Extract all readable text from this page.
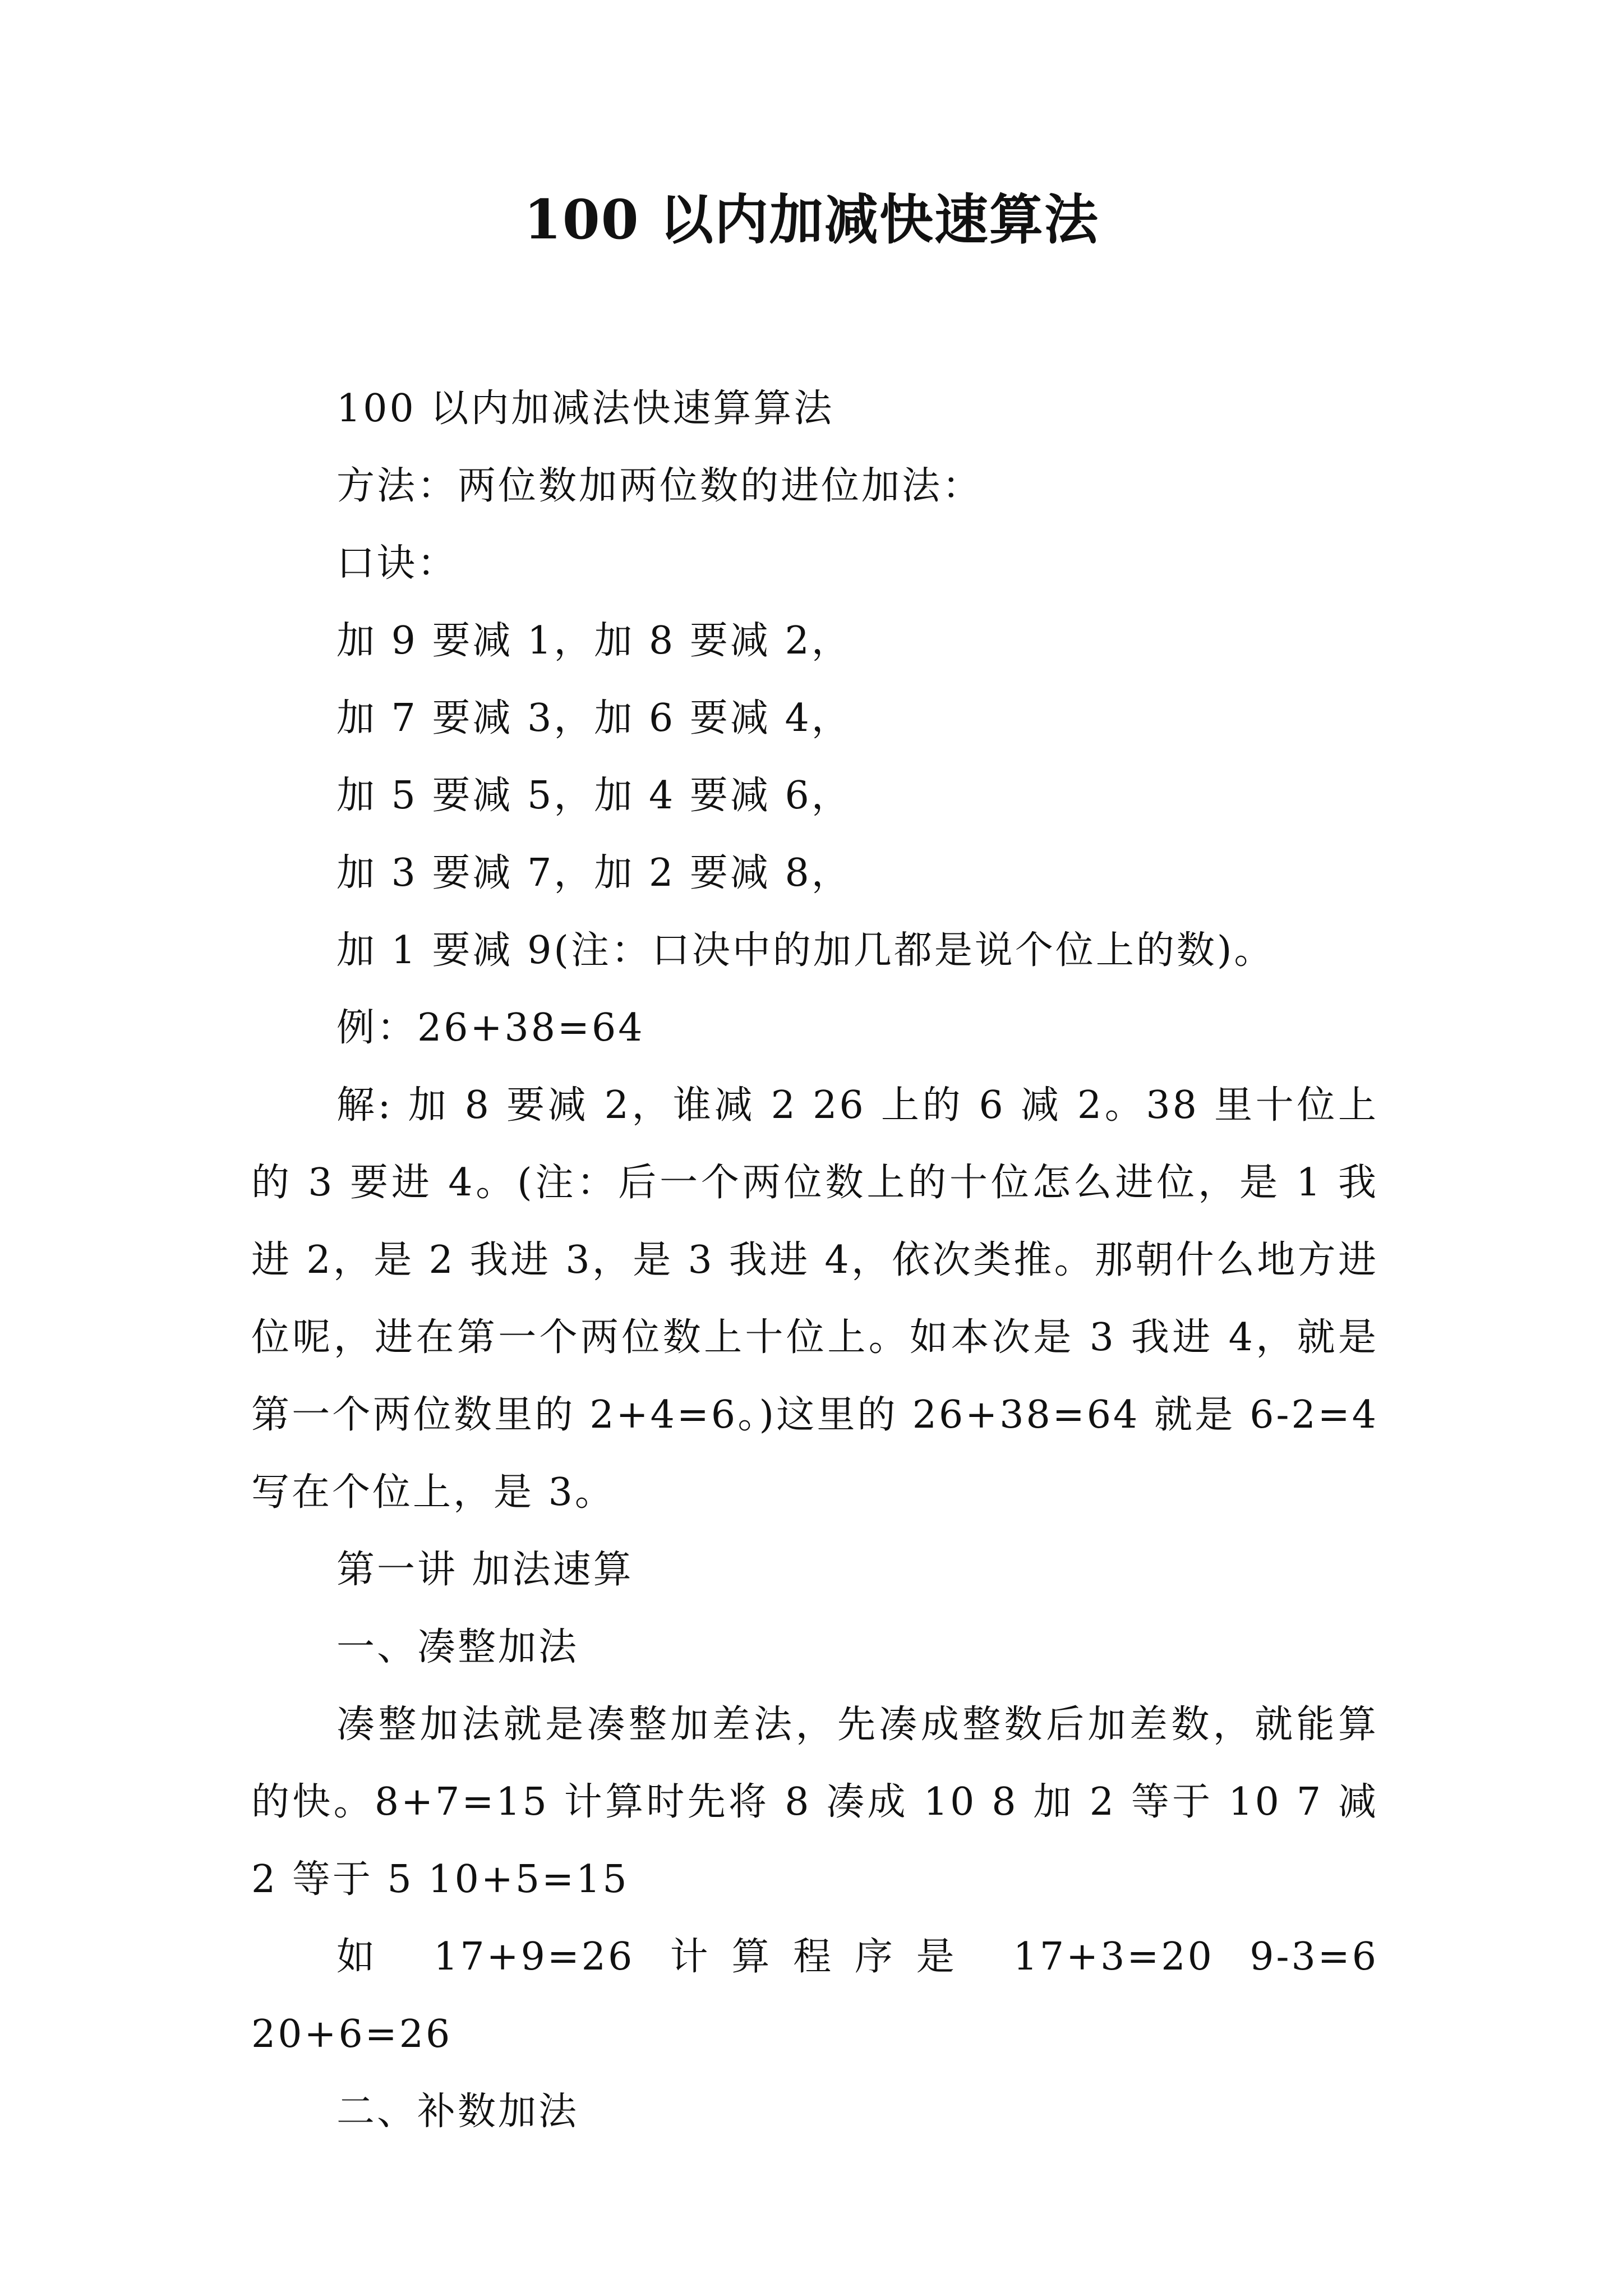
100 以内加减快速算法

100 以内加减法快速算算法

方法：两位数加两位数的进位加法：

口诀：

加 9 要减 1，加 8 要减 2，

加 7 要减 3，加 6 要减 4，

加 5 要减 5，加 4 要减 6，

加 3 要减 7，加 2 要减 8，

加 1 要减 9(注：口决中的加几都是说个位上的数)。

例：26+38=64

解: 加 8 要减 2，谁减 2 26 上的 6 减 2。38 里十位上的 3 要进 4。(注：后一个两位数上的十位怎么进位，是 1 我进 2，是 2 我进 3，是 3 我进 4，依次类推。那朝什么地方进位呢，进在第一个两位数上十位上。如本次是 3 我进 4，就是第一个两位数里的 2+4=6。)这里的 26+38=64 就是 6-2=4 写在个位上，是 3。

第一讲 加法速算

一、凑整加法

凑整加法就是凑整加差法，先凑成整数后加差数，就能算的快。8+7=15 计算时先将 8 凑成 10 8 加 2 等于 10 7 减 2 等于 5 10+5=15

如 17+9=26 计算程序是 17+3=20 9-3=6 20+6=26

二、补数加法
